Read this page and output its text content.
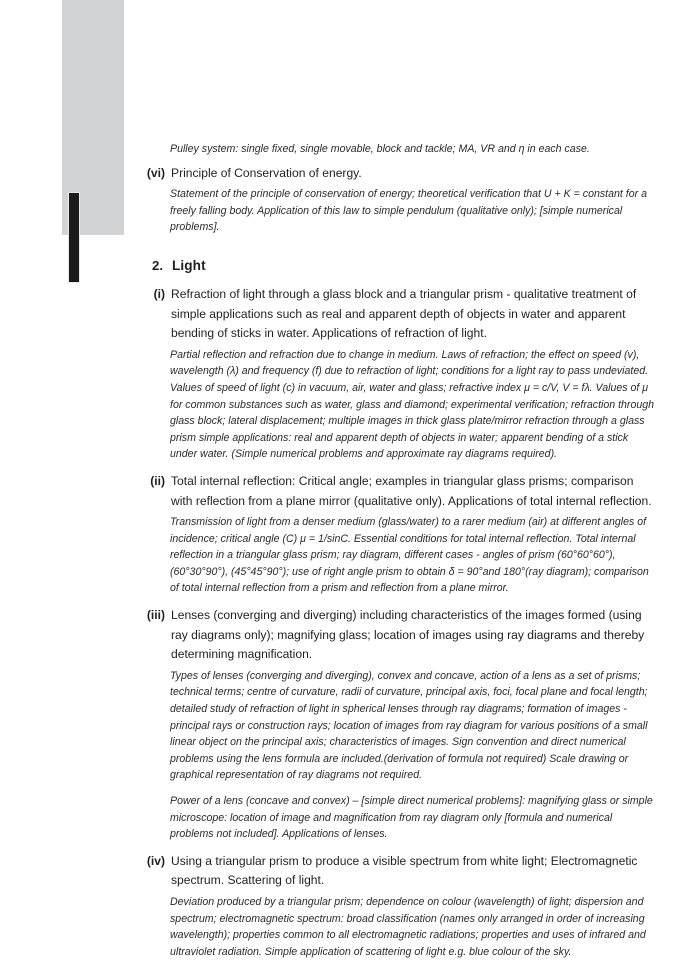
Pulley system: single fixed, single movable, block and tackle; MA, VR and η in each case.

(vi) Principle of Conservation of energy.

Statement of the principle of conservation of energy; theoretical verification that U + K = constant for a freely falling body. Application of this law to simple pendulum (qualitative only); [simple numerical problems].

2. Light
(i) Refraction of light through a glass block and a triangular prism - qualitative treatment of simple applications such as real and apparent depth of objects in water and apparent bending of sticks in water. Applications of refraction of light.

Partial reflection and refraction due to change in medium. Laws of refraction; the effect on speed (v), wavelength (λ) and frequency (f) due to refraction of light; conditions for a light ray to pass undeviated. Values of speed of light (c) in vacuum, air, water and glass; refractive index μ = c/V, V = fλ. Values of μ for common substances such as water, glass and diamond; experimental verification; refraction through glass block; lateral displacement; multiple images in thick glass plate/mirror refraction through a glass prism simple applications: real and apparent depth of objects in water; apparent bending of a stick under water. (Simple numerical problems and approximate ray diagrams required).

(ii) Total internal reflection: Critical angle; examples in triangular glass prisms; comparison with reflection from a plane mirror (qualitative only). Applications of total internal reflection.

Transmission of light from a denser medium (glass/water) to a rarer medium (air) at different angles of incidence; critical angle (C) μ = 1/sinC. Essential conditions for total internal reflection. Total internal reflection in a triangular glass prism; ray diagram, different cases - angles of prism (60°60°60°), (60°30°90°), (45°45°90°); use of right angle prism to obtain δ = 90°and 180°(ray diagram); comparison of total internal reflection from a prism and reflection from a plane mirror.

(iii) Lenses (converging and diverging) including characteristics of the images formed (using ray diagrams only); magnifying glass; location of images using ray diagrams and thereby determining magnification.

Types of lenses (converging and diverging), convex and concave, action of a lens as a set of prisms; technical terms; centre of curvature, radii of curvature, principal axis, foci, focal plane and focal length; detailed study of refraction of light in spherical lenses through ray diagrams; formation of images - principal rays or construction rays; location of images from ray diagram for various positions of a small linear object on the principal axis; characteristics of images. Sign convention and direct numerical problems using the lens formula are included.(derivation of formula not required) Scale drawing or graphical representation of ray diagrams not required.

Power of a lens (concave and convex) – [simple direct numerical problems]: magnifying glass or simple microscope: location of image and magnification from ray diagram only [formula and numerical problems not included]. Applications of lenses.

(iv) Using a triangular prism to produce a visible spectrum from white light; Electromagnetic spectrum. Scattering of light.

Deviation produced by a triangular prism; dependence on colour (wavelength) of light; dispersion and spectrum; electromagnetic spectrum: broad classification (names only arranged in order of increasing wavelength); properties common to all electromagnetic radiations; properties and uses of infrared and ultraviolet radiation. Simple application of scattering of light e.g. blue colour of the sky.
